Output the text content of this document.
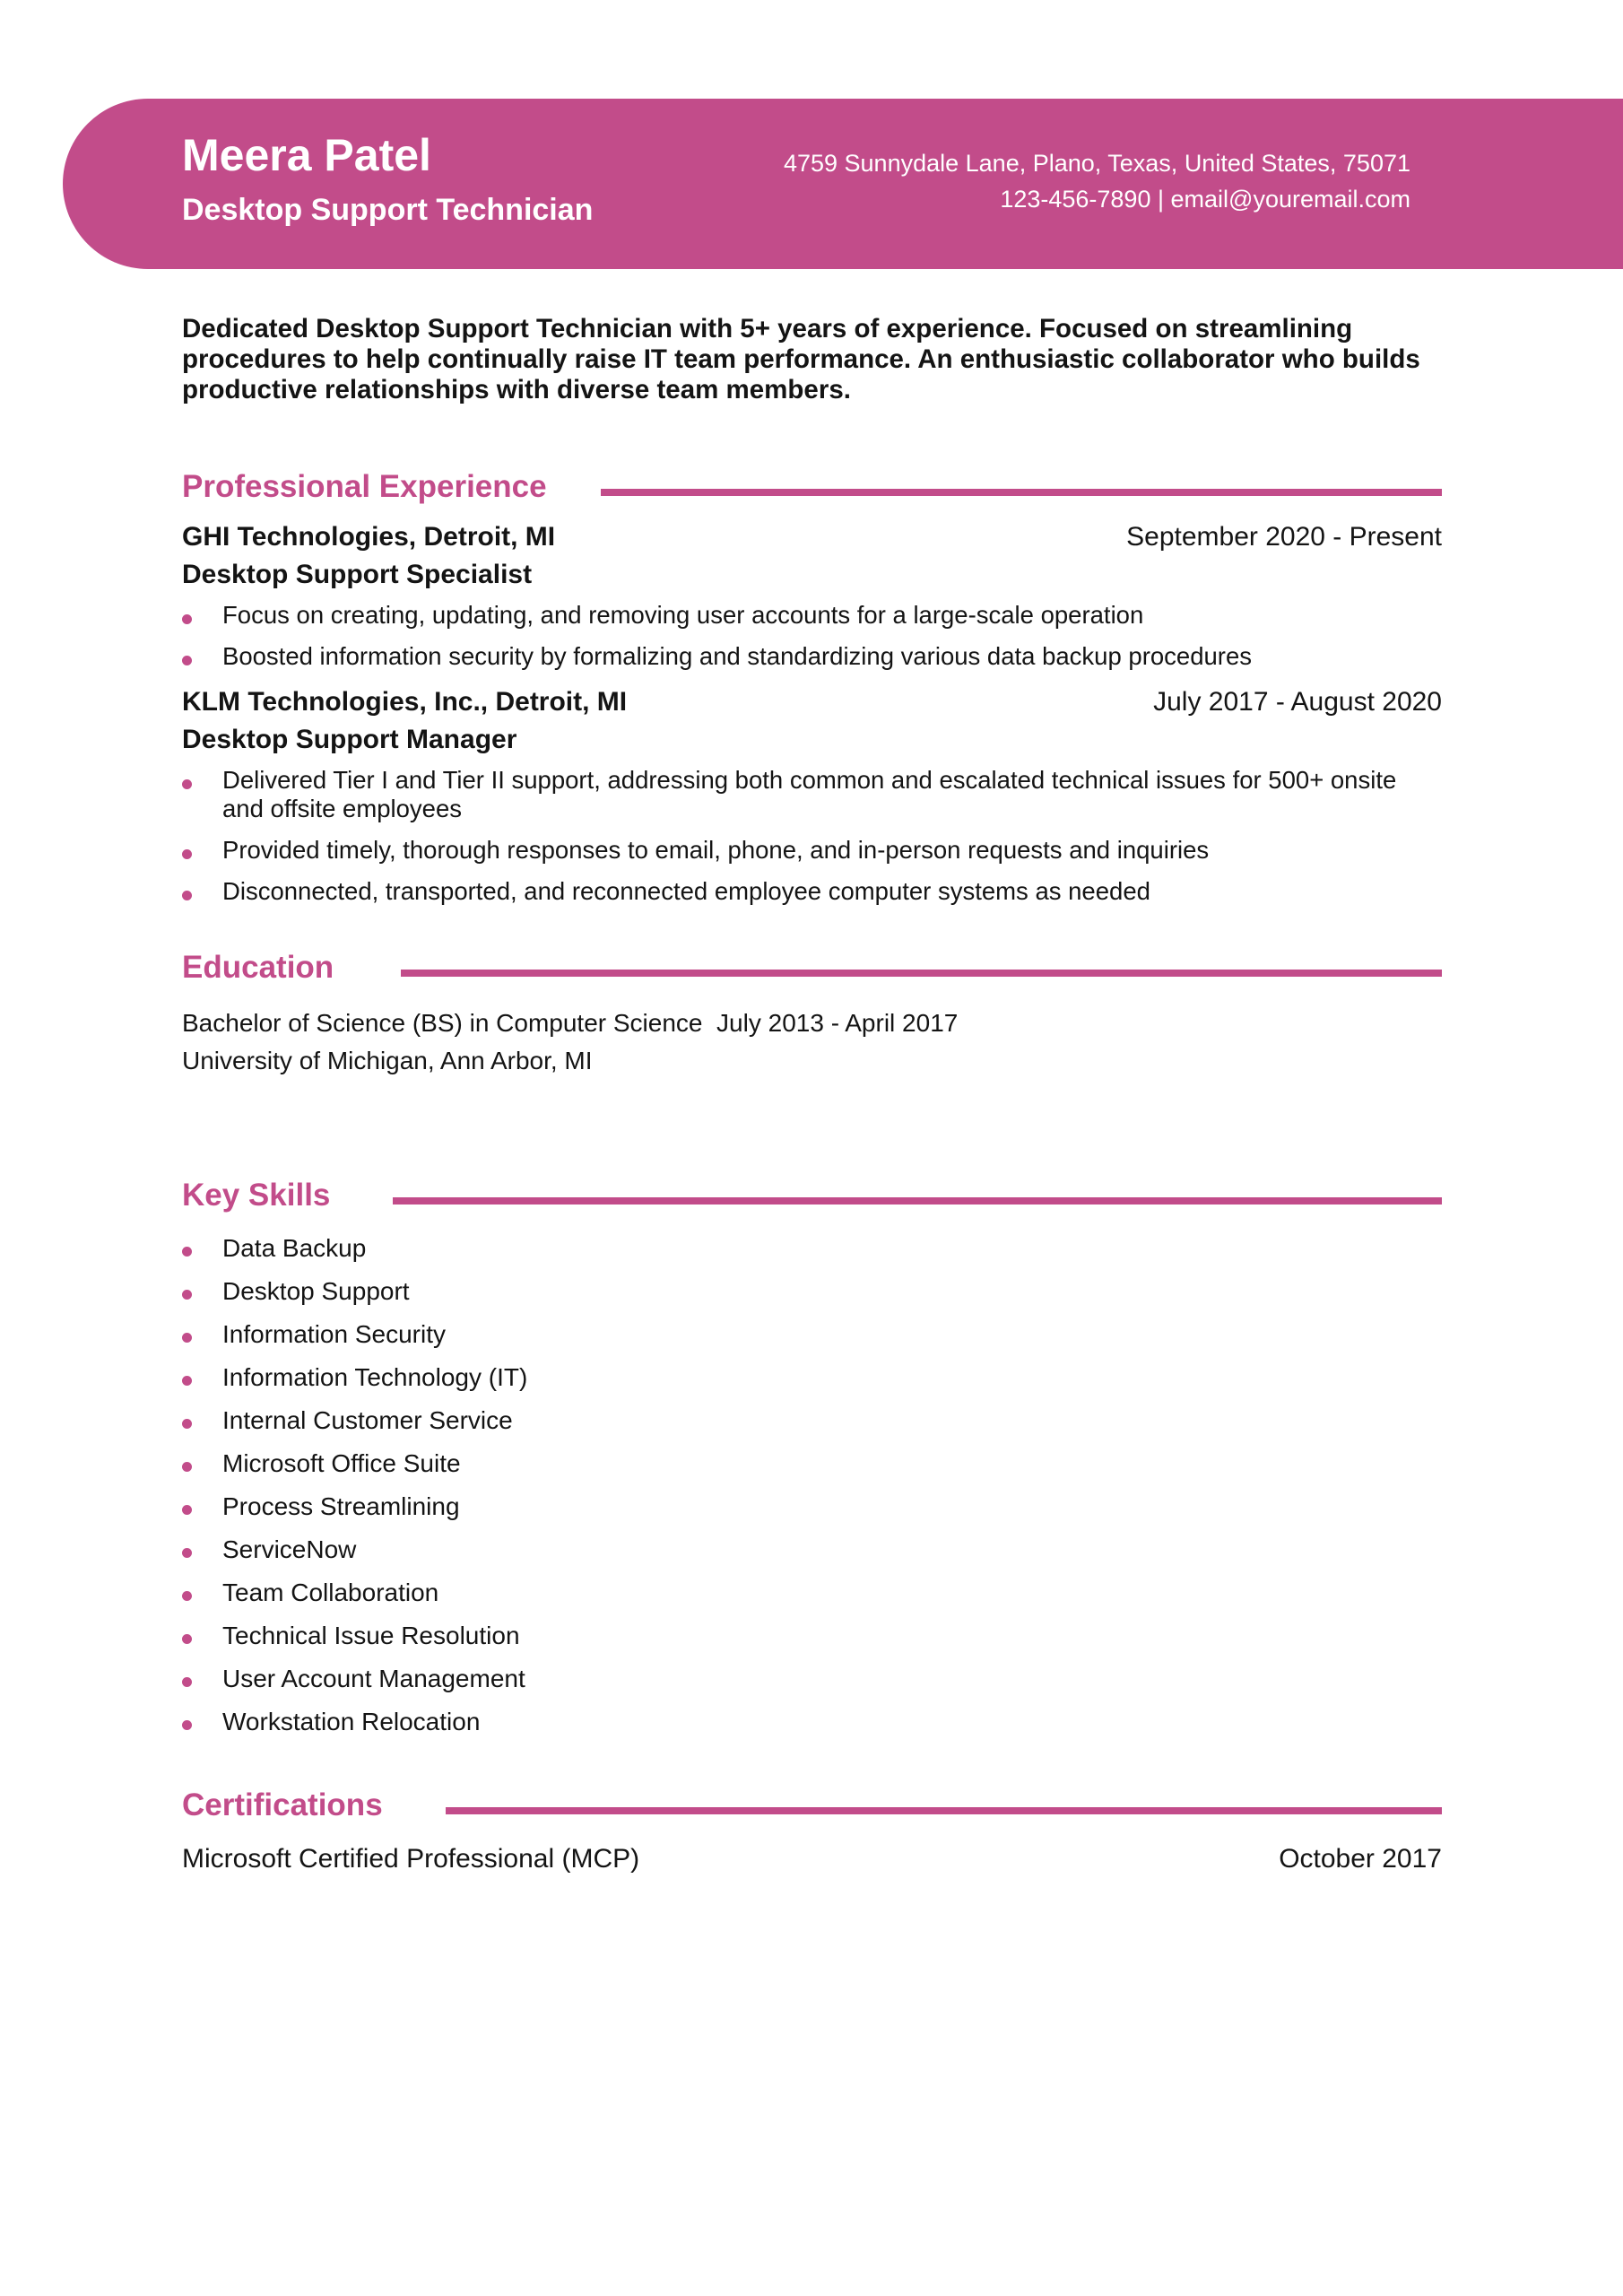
Meera Patel
Desktop Support Technician
4759 Sunnydale Lane, Plano, Texas, United States, 75071
123-456-7890 | email@youremail.com

Dedicated Desktop Support Technician with 5+ years of experience. Focused on streamlining procedures to help continually raise IT team performance. An enthusiastic collaborator who builds productive relationships with diverse team members.

Professional Experience
GHI Technologies, Detroit, MI	September 2020 - Present
Desktop Support Specialist
Focus on creating, updating, and removing user accounts for a large-scale operation
Boosted information security by formalizing and standardizing various data backup procedures
KLM Technologies, Inc., Detroit, MI	July 2017 - August 2020
Desktop Support Manager
Delivered Tier I and Tier II support, addressing both common and escalated technical issues for 500+ onsite and offsite employees
Provided timely, thorough responses to email, phone, and in-person requests and inquiries
Disconnected, transported, and reconnected employee computer systems as needed
Education
Bachelor of Science (BS) in Computer Science  July 2013 - April 2017
University of Michigan, Ann Arbor, MI
Key Skills
Data Backup
Desktop Support
Information Security
Information Technology (IT)
Internal Customer Service
Microsoft Office Suite
Process Streamlining
ServiceNow
Team Collaboration
Technical Issue Resolution
User Account Management
Workstation Relocation
Certifications
Microsoft Certified Professional (MCP)	October 2017
